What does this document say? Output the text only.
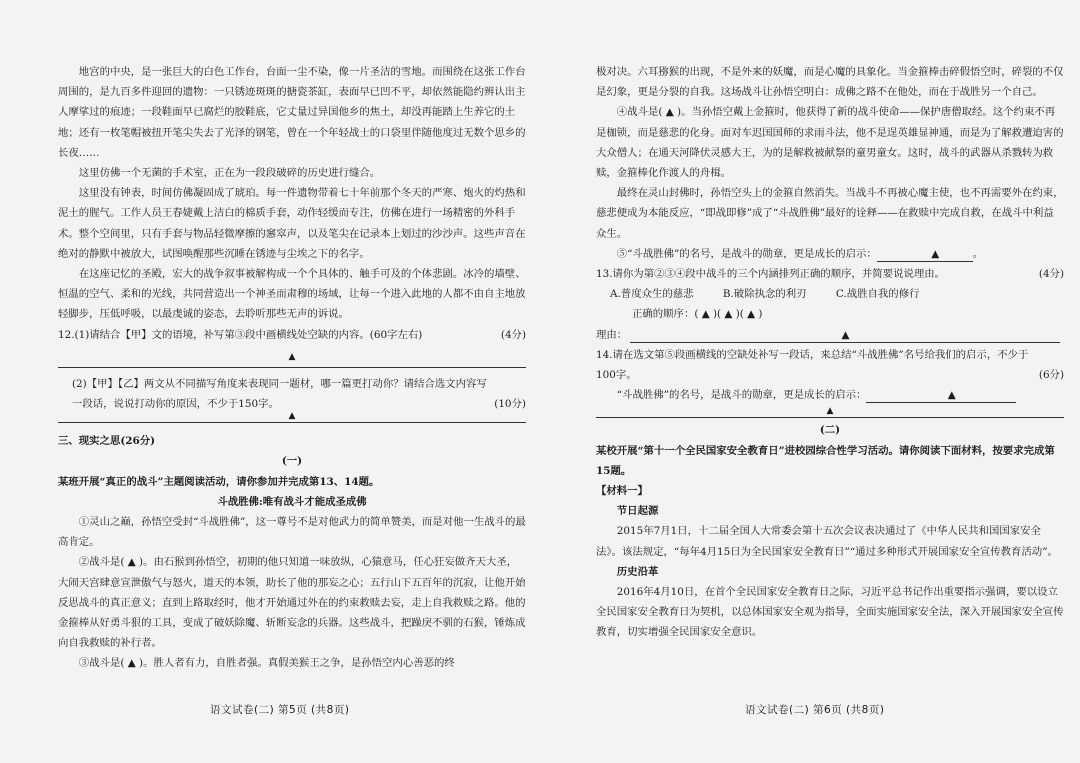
地宫的中央，是一张巨大的白色工作台，台面一尘不染，像一片圣洁的雪地。而围绕在这张工作台周围的，是九百多件迎回的遗物：一只锈迹斑斑的搪瓷茶缸，表面早已凹不平，却依然能隐约辨认出主人摩挲过的痕迹；一段鞋面早已腐烂的胶鞋底，它丈量过异国他乡的焦土，却没再能踏上生养它的土地；还有一枚笔帽被扭开笔尖失去了光泽的钢笔，曾在一个年轻战士的口袋里伴随他度过无数个思乡的长夜……

这里仿佛一个无菌的手术室，正在为一段段破碎的历史进行缝合。

这里没有钟表，时间仿佛凝固成了琥珀。每一件遗物带着七十年前那个冬天的严寒、炮火的灼热和泥土的腥气。工作人员王春婕戴上洁白的棉质手套，动作轻缓而专注，仿佛在进行一场精密的外科手术。整个空间里，只有手套与物品轻微摩擦的窸窣声，以及笔尖在记录本上划过的沙沙声。这些声音在绝对的静默中被放大，试图唤醒那些沉睡在锈迹与尘埃之下的名字。

在这座记忆的圣殿，宏大的战争叙事被解构成一个个具体的、触手可及的个体悲剧。冰冷的墙壁、恒温的空气、柔和的光线，共同营造出一个神圣而肃穆的场域，让每一个进入此地的人都不由自主地放轻脚步，压低呼吸，以最虔诚的姿态，去聆听那些无声的诉说。

(4分)
12.(1)请结合【甲】文的语境，补写第③段中画横线处空缺的内容。(60字左右)
▲
(10分)
(2)【甲】【乙】两文从不同描写角度来表现同一题材，哪一篇更打动你？请结合选文内容写一段话，说说打动你的原因，不少于150字。
▲

三、现实之思(26分)

(一)

某班开展“真正的战斗”主题阅读活动，请你参加并完成第13、14题。

斗战胜佛:唯有战斗才能成圣成佛

①灵山之巅，孙悟空受封“斗战胜佛”，这一尊号不是对他武力的简单赞美，而是对他一生战斗的最高肯定。

②战斗是( ▲ )。由石猴到孙悟空，初期的他只知道一味放纵，心猿意马，任心狂妄做齐天大圣，大闹天宫肆意宣泄傲气与怒火，道天的本领，助长了他的那妄之心；五行山下五百年的沉寂，让他开始反思战斗的真正意义；直到上路取经时，他才开始通过外在的约束救赎去妄，走上自我救赎之路。他的金箍棒从好勇斗狠的工具，变成了破妖除魔、斩断妄念的兵器。这些战斗，把躁戾不驯的石猴，锤炼成向自我救赎的补行者。

③战斗是( ▲ )。胜人者有力，自胜者强。真假美猴王之争，是孙悟空内心善恶的终

极对决。六耳猕猴的出现，不是外来的妖魔，而是心魔的具象化。当金箍棒击碎假悟空时，碎裂的不仅是幻象，更是分裂的自我。这场战斗让孙悟空明白：成佛之路不在他处，而在于战胜另一个自己。

④战斗是( ▲ )。当孙悟空戴上金箍时，他获得了新的战斗使命——保护唐僧取经。这个约束不再是枷锁，而是慈悲的化身。面对车迟国国师的求雨斗法，他不是逞英雄显神通，而是为了解救遭迫害的大众僧人；在通天河降伏灵感大王，为的是解救被献祭的童男童女。这时，战斗的武器从杀戮转为救赎，金箍棒化作渡人的舟楫。

最终在灵山封佛时，孙悟空头上的金箍自然消失。当战斗不再被心魔主使，也不再需要外在约束，慈悲便成为本能反应，“即战即修”成了“斗战胜佛”最好的诠释——在救赎中完成自救，在战斗中利益众生。

⑤“斗战胜佛”的名号，是战斗的勋章，更是成长的启示：	▲	。

(4分)
13.请你为第②③④段中战斗的三个内涵排列正确的顺序，并简要说说理由。
A.普度众生的慈悲	B.破除执念的利刃	C.战胜自我的修行

正确的顺序：( ▲ )( ▲ )( ▲ )

理由：	▲
(6分)
14.请在选文第⑤段画横线的空缺处补写一段话，来总结“斗战胜佛”名号给我们的启示，不少于100字。

“斗战胜佛”的名号，是战斗的勋章，更是成长的启示：	▲

▲

(二)

某校开展“第十一个全民国家安全教育日”进校园综合性学习活动。请你阅读下面材料，按要求完成第15题。

【材料一】

节日起源

2015年7月1日，十二届全国人大常委会第十五次会议表决通过了《中华人民共和国国家安全法》。该法规定，“每年4月15日为全民国家安全教育日”“通过多种形式开展国家安全宣传教育活动”。

历史沿革

2016年4月10日，在首个全民国家安全教育日之际，习近平总书记作出重要指示强调，要以设立全民国家安全教育日为契机，以总体国家安全观为指导，全面实施国家安全法，深入开展国家安全宣传教育，切实增强全民国家安全意识。

语文试卷(二) 第5页 (共8页)	语文试卷(二) 第6页 (共8页)
